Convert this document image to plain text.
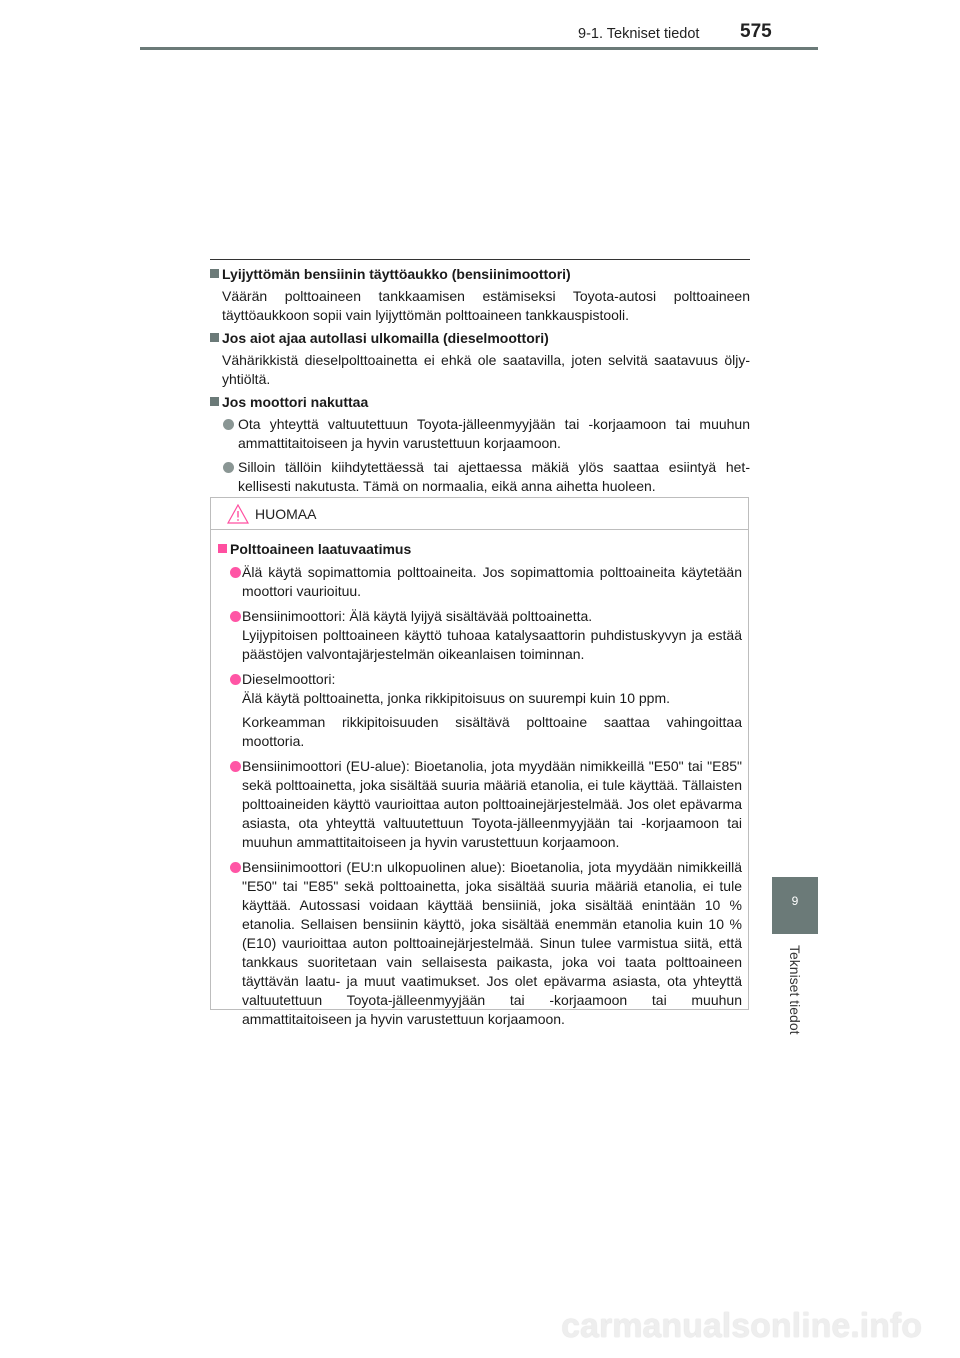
9-1. Tekniset tiedot 575
9
Tekniset tiedot
Lyijyttömän bensiinin täyttöaukko (bensiinimoottori)
Väärän polttoaineen tankkaamisen estämiseksi Toyota-autosi polttoaineen täyttöaukkoon sopii vain lyijyttömän polttoaineen tankkauspistooli.
Jos aiot ajaa autollasi ulkomailla (dieselmoottori)
Vähärikkistä dieselpolttoainetta ei ehkä ole saatavilla, joten selvitä saatavuus öljy-yhtiöltä.
Jos moottori nakuttaa
Ota yhteyttä valtuutettuun Toyota-jälleenmyyjään tai -korjaamoon tai muuhun ammattitaitoiseen ja hyvin varustettuun korjaamoon.
Silloin tällöin kiihdytettäessä tai ajettaessa mäkiä ylös saattaa esiintyä het-kellisesti nakutusta. Tämä on normaalia, eikä anna aihetta huoleen.
HUOMAA
Polttoaineen laatuvaatimus
Älä käytä sopimattomia polttoaineita. Jos sopimattomia polttoaineita käytetään moottori vaurioituu.
Bensiinimoottori: Älä käytä lyijyä sisältävää polttoainetta.
Lyijypitoisen polttoaineen käyttö tuhoaa katalysaattorin puhdistuskyvyn ja estää päästöjen valvontajärjestelmän oikeanlaisen toiminnan.
Dieselmoottori:
Älä käytä polttoainetta, jonka rikkipitoisuus on suurempi kuin 10 ppm.
Korkeamman rikkipitoisuuden sisältävä polttoaine saattaa vahingoittaa moottoria.
Bensiinimoottori (EU-alue): Bioetanolia, jota myydään nimikkeillä "E50" tai "E85" sekä polttoainetta, joka sisältää suuria määriä etanolia, ei tule käyttää. Tällaisten polttoaineiden käyttö vaurioittaa auton polttoainejärjestelmää. Jos olet epävarma asiasta, ota yhteyttä valtuutettuun Toyota-jälleenmyyjään tai -korjaamoon tai muuhun ammattitaitoiseen ja hyvin varustettuun korjaamoon.
Bensiinimoottori (EU:n ulkopuolinen alue): Bioetanolia, jota myydään nimikkeillä "E50" tai "E85" sekä polttoainetta, joka sisältää suuria määriä etanolia, ei tule käyttää. Autossasi voidaan käyttää bensiiniä, joka sisältää enintään 10 % etanolia. Sellaisen bensiinin käyttö, joka sisältää enemmän etanolia kuin 10 % (E10) vaurioittaa auton polttoainejärjestelmää. Sinun tulee varmistua siitä, että tankkaus suoritetaan vain sellaisesta paikasta, joka voi taata polttoaineen täyttävän laatu- ja muut vaatimukset. Jos olet epävarma asiasta, ota yhteyttä valtuutettuun Toyota-jälleenmyyjään tai -korjaamoon tai muuhun ammattitaitoiseen ja hyvin varustettuun korjaamoon.
carmanualsonline.info
